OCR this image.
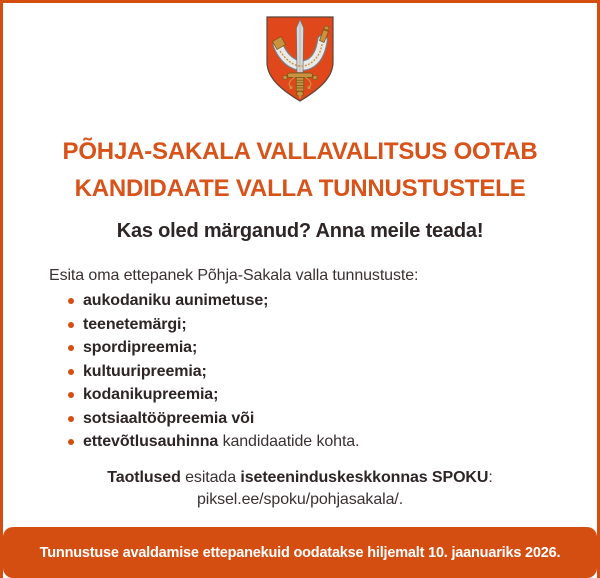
PÕHJA-SAKALA VALLAVALITSUS OOTAB
KANDIDAATE VALLA TUNNUSTUSTELE
Kas oled märganud? Anna meile teada!

Esita oma ettepanek Põhja-Sakala valla tunnustuste:

aukodaniku aunimetuse;
teenetemärgi;
spordipreemia;
kultuuripreemia;
kodanikupreemia;
sotsiaaltööpreemia või
ettevõtlusauhinna kandidaatide kohta.
Taotlused esitada iseteeninduskeskkonnas SPOKU:
piksel.ee/spoku/pohjasakala/.
Tunnustuse avaldamise ettepanekuid oodatakse hiljemalt 10. jaanuariks 2026.
